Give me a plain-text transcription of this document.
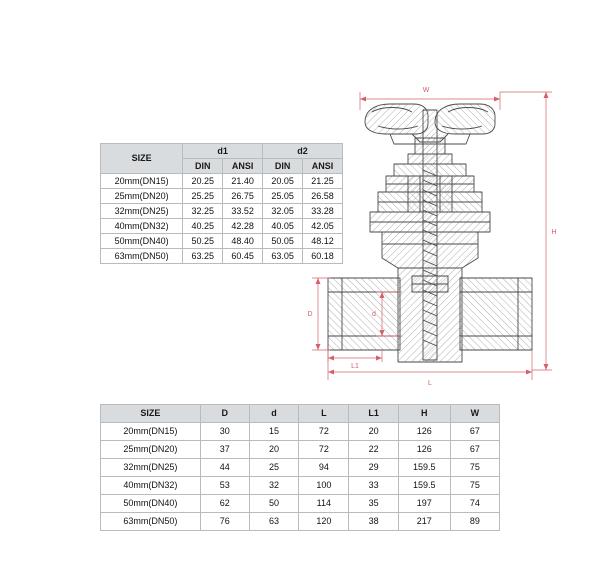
SIZE	d1		d2	
	DIN	ANSI	DIN	ANSI
20mm(DN15)	20.25	21.40	20.05	21.25
25mm(DN20)	25.25	26.75	25.05	26.58
32mm(DN25)	32.25	33.52	32.05	33.28
40mm(DN32)	40.25	42.28	40.05	42.05
50mm(DN40)	50.25	48.40	50.05	48.12
63mm(DN50)	63.25	60.45	63.05	60.18
W
H
L
L1
D	d
SIZE	D	d	L	L1	H	W
20mm(DN15)	30	15	72	20	126	67
25mm(DN20)	37	20	72	22	126	67
32mm(DN25)	44	25	94	29	159.5	75
40mm(DN32)	53	32	100	33	159.5	75
50mm(DN40)	62	50	114	35	197	74
63mm(DN50)	76	63	120	38	217	89
